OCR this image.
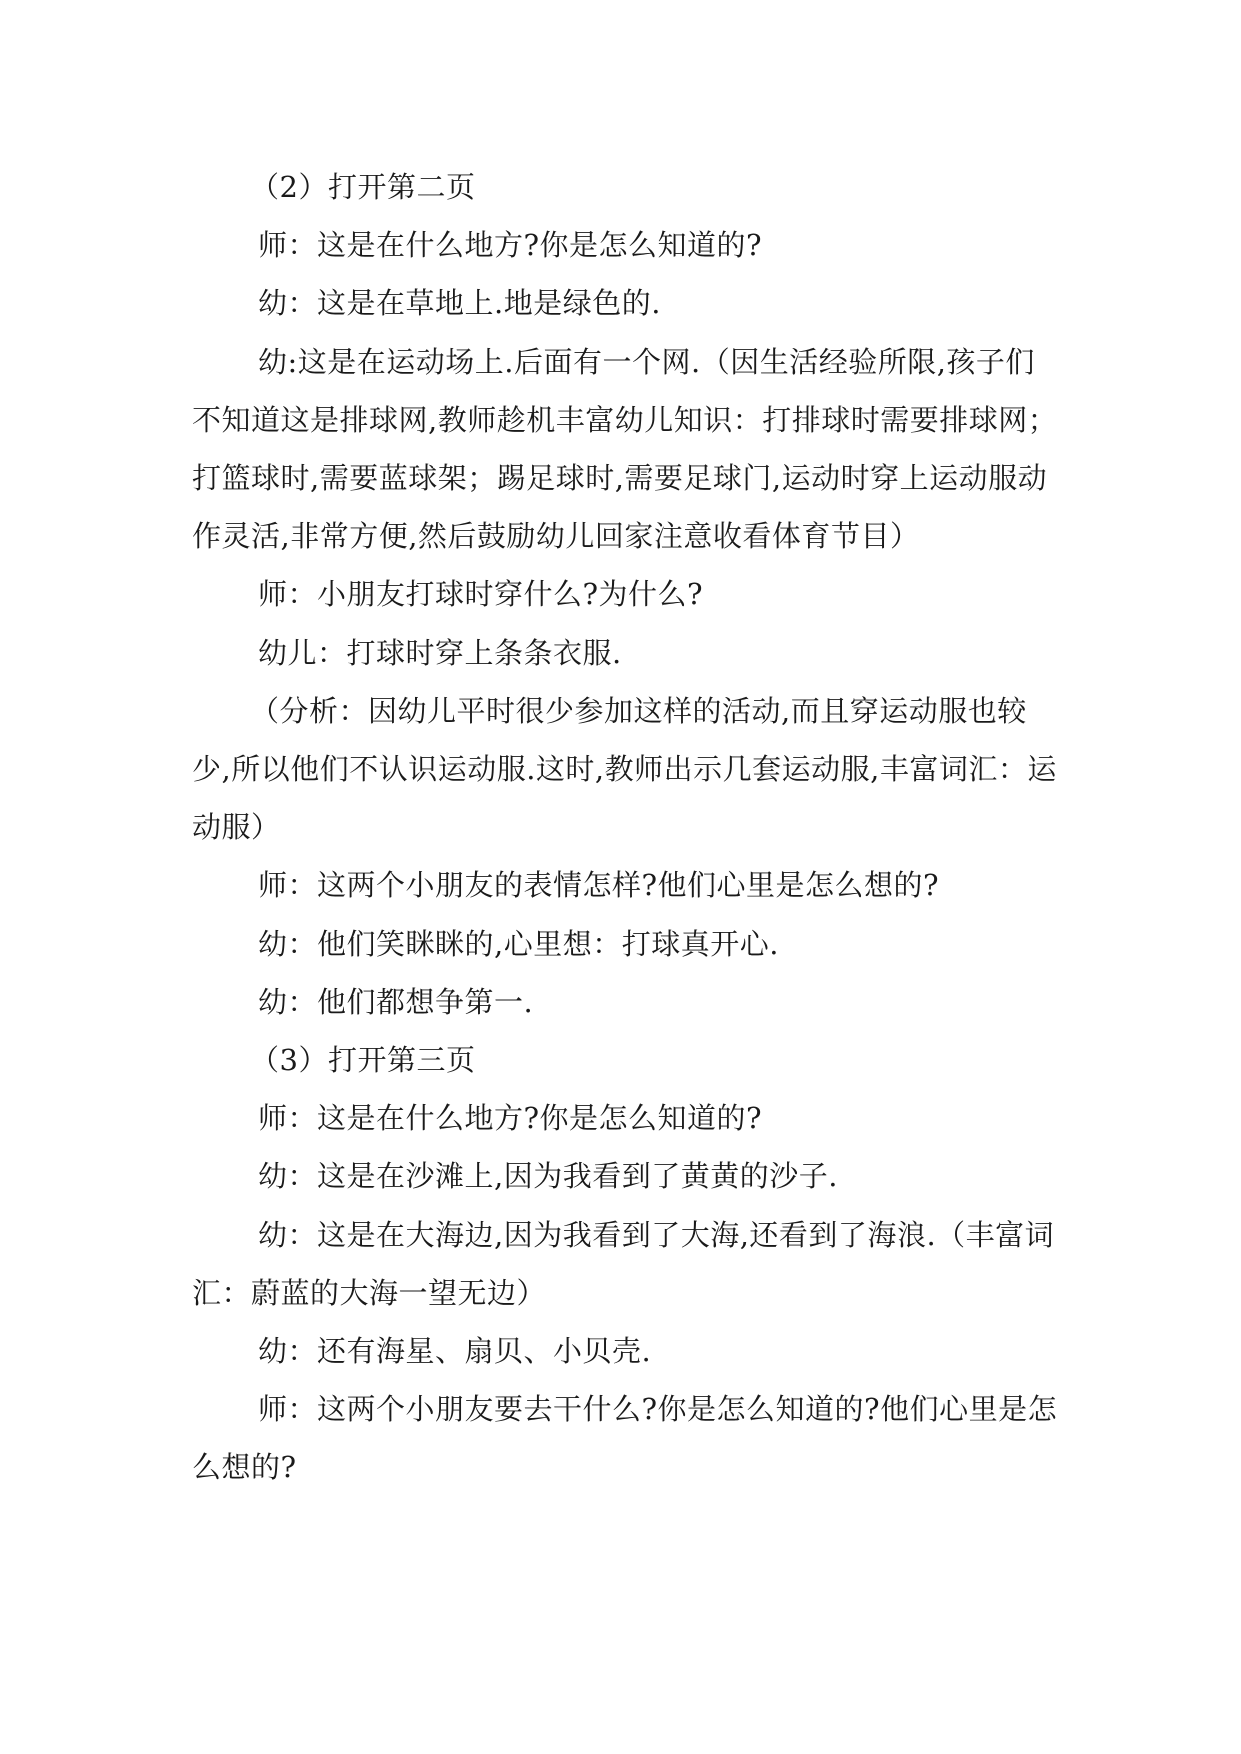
（2）打开第二页

师：这是在什么地方?你是怎么知道的?

幼：这是在草地上.地是绿色的.

幼:这是在运动场上.后面有一个网.（因生活经验所限,孩子们不知道这是排球网,教师趁机丰富幼儿知识：打排球时需要排球网；打篮球时,需要蓝球架；踢足球时,需要足球门,运动时穿上运动服动作灵活,非常方便,然后鼓励幼儿回家注意收看体育节目）

师：小朋友打球时穿什么?为什么?

幼儿：打球时穿上条条衣服.

（分析：因幼儿平时很少参加这样的活动,而且穿运动服也较少,所以他们不认识运动服.这时,教师出示几套运动服,丰富词汇：运动服）

师：这两个小朋友的表情怎样?他们心里是怎么想的?

幼：他们笑眯眯的,心里想：打球真开心.

幼：他们都想争第一.

（3）打开第三页

师：这是在什么地方?你是怎么知道的?

幼：这是在沙滩上,因为我看到了黄黄的沙子.

幼：这是在大海边,因为我看到了大海,还看到了海浪.（丰富词汇：蔚蓝的大海一望无边）

幼：还有海星、扇贝、小贝壳.

师：这两个小朋友要去干什么?你是怎么知道的?他们心里是怎么想的?
